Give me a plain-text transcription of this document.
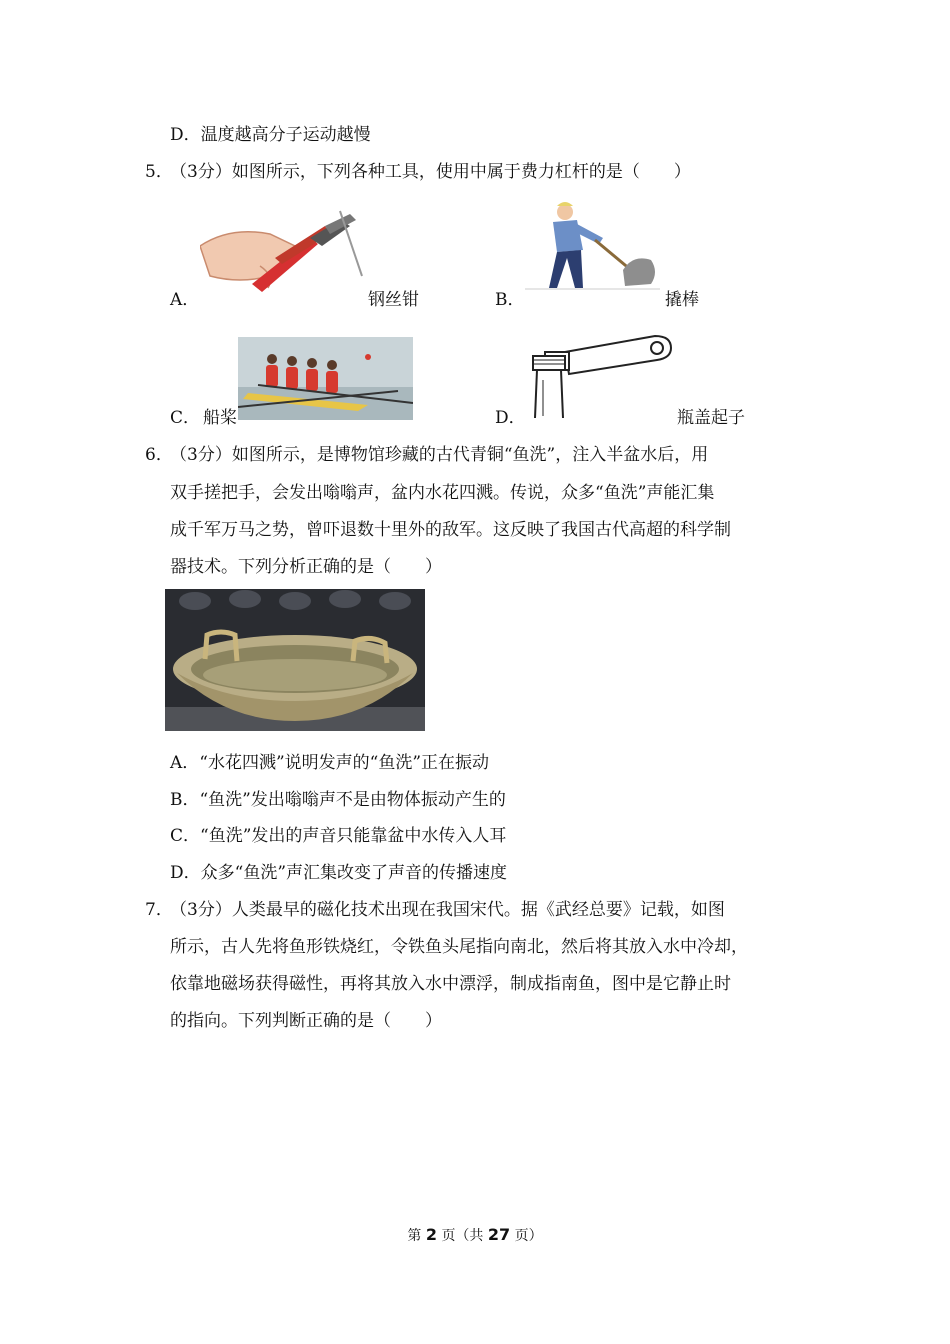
D．温度越高分子运动越慢
5．
（3分）如图所示，下列各种工具，使用中属于费力杠杆的是（　　）
A．	钢丝钳	B．	撬棒
C． 船桨	D．	瓶盖起子
6．
（3分）如图所示，是博物馆珍藏的古代青铜“鱼洗”，注入半盆水后，用
双手搓把手，会发出嗡嗡声，盆内水花四溅。传说，众多“鱼洗”声能汇集
成千军万马之势，曾吓退数十里外的敌军。这反映了我国古代高超的科学制
器技术。下列分析正确的是（　　）
A．“水花四溅”说明发声的“鱼洗”正在振动
B．“鱼洗”发出嗡嗡声不是由物体振动产生的
C．“鱼洗”发出的声音只能靠盆中水传入人耳
D．众多“鱼洗”声汇集改变了声音的传播速度
7．
（3分）人类最早的磁化技术出现在我国宋代。据《武经总要》记载，如图
所示，古人先将鱼形铁烧红，令铁鱼头尾指向南北，然后将其放入水中冷却，
依靠地磁场获得磁性，再将其放入水中漂浮，制成指南鱼，图中是它静止时
的指向。下列判断正确的是（　　）
第 2 页（共 27 页）
